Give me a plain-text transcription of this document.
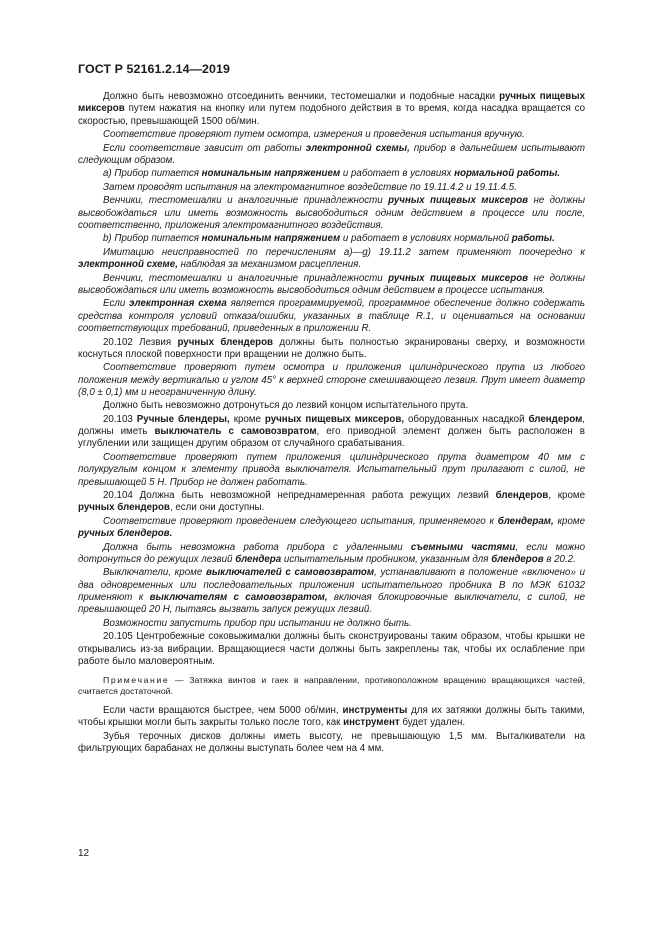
ГОСТ Р 52161.2.14—2019

Должно быть невозможно отсоединить венчики, тестомешалки и подобные насадки ручных пищевых миксеров путем нажатия на кнопку или путем подобного действия в то время, когда насадка вращается со скоростью, превышающей 1500 об/мин.

Соответствие проверяют путем осмотра, измерения и проведения испытания вручную.

Если соответствие зависит от работы электронной схемы, прибор в дальнейшем испытывают следующим образом.

a) Прибор питается номинальным напряжением и работает в условиях нормальной работы.

Затем проводят испытания на электромагнитное воздействие по 19.11.4.2 и 19.11.4.5.

Венчики, тестомешалки и аналогичные принадлежности ручных пищевых миксеров не должны высвобождаться или иметь возможность высвободиться одним действием в процессе или после, соответственно, приложения электромагнитного воздействия.

b) Прибор питается номинальным напряжением и работает в условиях нормальной работы.

Имитацию неисправностей по перечислениям а)—g) 19.11.2 затем применяют поочередно к электронной схеме, наблюдая за механизмом расцепления.

Венчики, тестомешалки и аналогичные принадлежности ручных пищевых миксеров не должны высвобождаться или иметь возможность высвободиться одним действием в процессе испытания.

Если электронная схема является программируемой, программное обеспечение должно содержать средства контроля условий отказа/ошибки, указанных в таблице R.1, и оцениваться на основании соответствующих требований, приведенных в приложении R.

20.102 Лезвия ручных блендеров должны быть полностью экранированы сверху, и возможности коснуться плоской поверхности при вращении не должно быть.

Соответствие проверяют путем осмотра и приложения цилиндрического прута из любого положения между вертикалью и углом 45° к верхней стороне смешивающего лезвия. Прут имеет диаметр (8,0 ± 0,1) мм и неограниченную длину.

Должно быть невозможно дотронуться до лезвий концом испытательного прута.

20.103 Ручные блендеры, кроме ручных пищевых миксеров, оборудованных насадкой блендером, должны иметь выключатель с самовозвратом, его приводной элемент должен быть расположен в углублении или защищен другим образом от случайного срабатывания.

Соответствие проверяют путем приложения цилиндрического прута диаметром 40 мм с полукруглым концом к элементу привода выключателя. Испытательный прут прилагают с силой, не превышающей 5 Н. Прибор не должен работать.

20.104 Должна быть невозможной непреднамеренная работа режущих лезвий блендеров, кроме ручных блендеров, если они доступны.

Соответствие проверяют проведением следующего испытания, применяемого к блендерам, кроме ручных блендеров.

Должна быть невозможна работа прибора с удаленными съемными частями, если можно дотронуться до режущих лезвий блендера испытательным пробником, указанным для блендеров в 20.2.

Выключатели, кроме выключателей с самовозвратом, устанавливают в положение «включено» и два одновременных или последовательных приложения испытательного пробника В по МЭК 61032 применяют к выключателям с самовозвратом, включая блокировочные выключатели, с силой, не превышающей 20 Н, пытаясь вызвать запуск режущих лезвий.

Возможности запустить прибор при испытании не должно быть.

20.105 Центробежные соковыжималки должны быть сконструированы таким образом, чтобы крышки не открывались из-за вибрации. Вращающиеся части должны быть закреплены так, чтобы их ослабление при работе было маловероятным.

Примечание — Затяжка винтов и гаек в направлении, противоположном вращению вращающихся частей, считается достаточной.

Если части вращаются быстрее, чем 5000 об/мин, инструменты для их затяжки должны быть такими, чтобы крышки могли быть закрыты только после того, как инструмент будет удален.

Зубья терочных дисков должны иметь высоту, не превышающую 1,5 мм. Выталкиватели на фильтрующих барабанах не должны выступать более чем на 4 мм.

12
